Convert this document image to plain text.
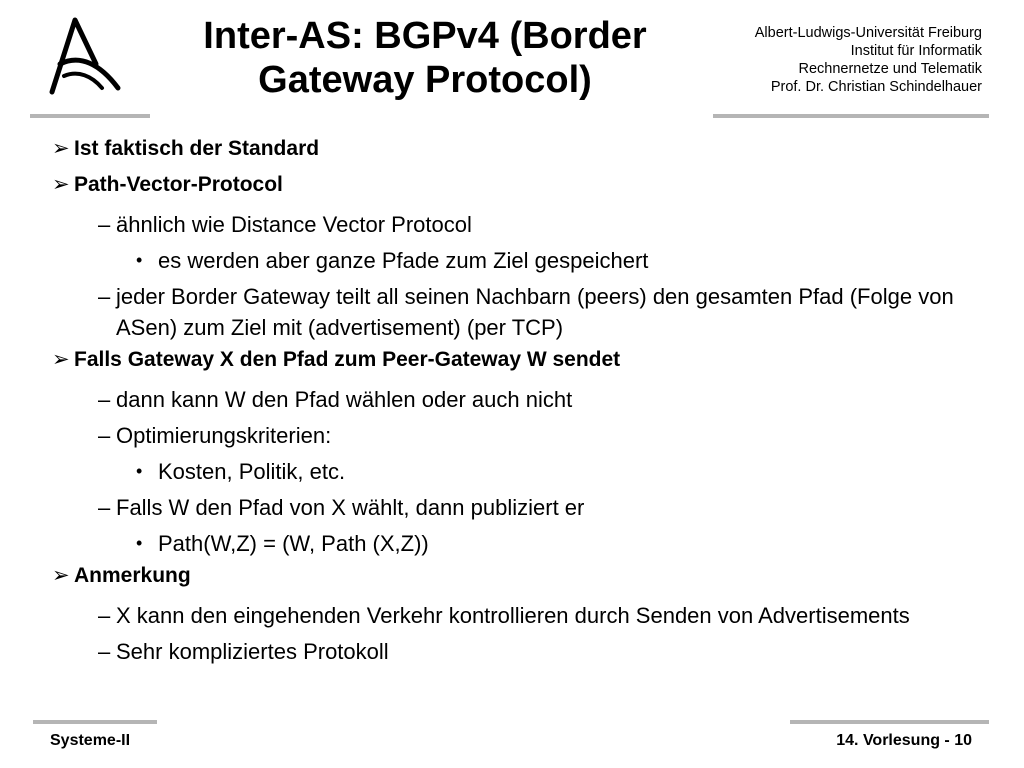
Inter-AS: BGPv4 (Border
Gateway Protocol)
Albert-Ludwigs-Universität Freiburg
Institut für Informatik
Rechnernetze und Telematik
Prof. Dr. Christian Schindelhauer
➢ Ist faktisch der Standard
➢ Path-Vector-Protocol
– ähnlich wie Distance Vector Protocol
• es werden aber ganze Pfade zum Ziel gespeichert
– jeder Border Gateway teilt all seinen Nachbarn (peers) den gesamten Pfad (Folge von ASen) zum Ziel mit (advertisement) (per TCP)
➢ Falls Gateway X den Pfad zum Peer-Gateway W sendet
– dann kann W den Pfad wählen oder auch nicht
– Optimierungskriterien:
• Kosten, Politik, etc.
– Falls W den Pfad von X wählt, dann publiziert er
• Path(W,Z) = (W, Path (X,Z))
➢ Anmerkung
– X kann den eingehenden Verkehr kontrollieren durch Senden von Advertisements
– Sehr kompliziertes Protokoll
Systeme-II	14. Vorlesung - 10
